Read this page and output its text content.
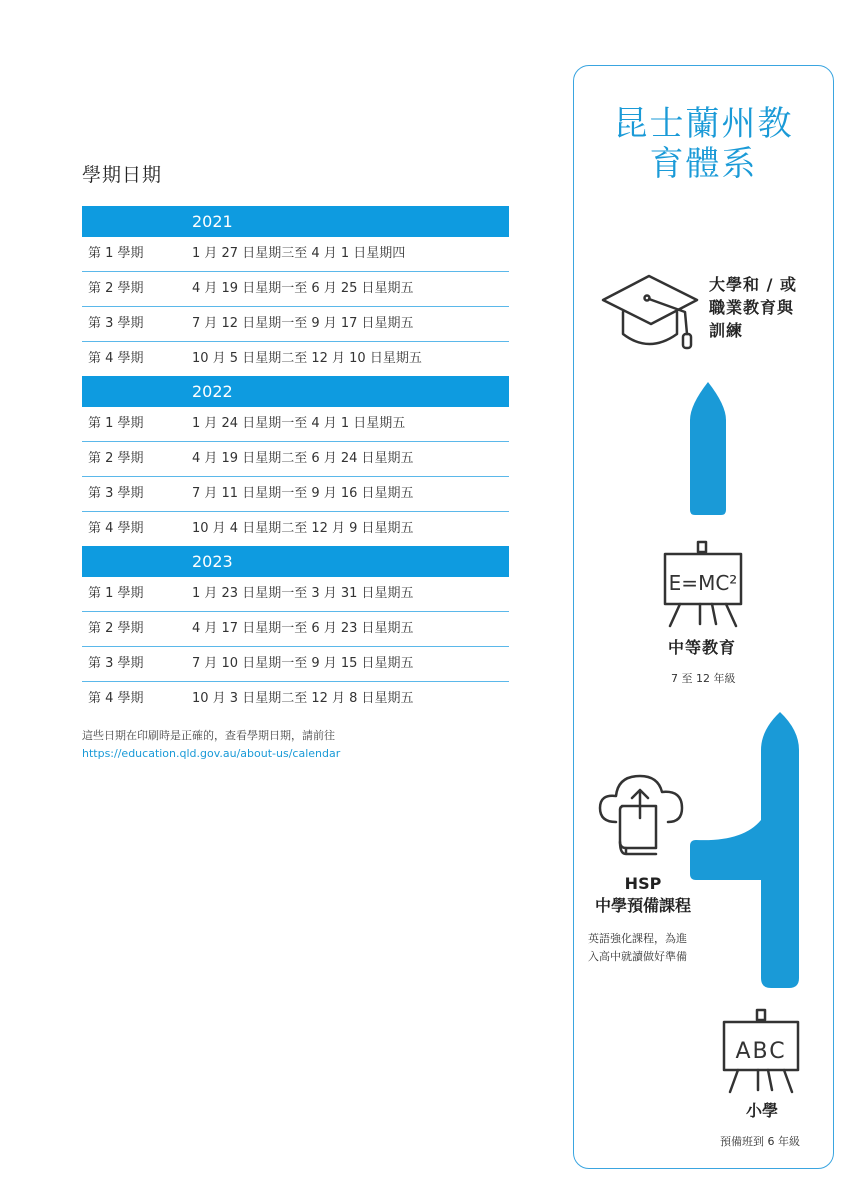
學期日期
2021
第 1 學期	1 月 27 日星期三至 4 月 1 日星期四
第 2 學期	4 月 19 日星期一至 6 月 25 日星期五
第 3 學期	7 月 12 日星期一至 9 月 17 日星期五
第 4 學期	10 月 5 日星期二至 12 月 10 日星期五
2022
第 1 學期	1 月 24 日星期一至 4 月 1 日星期五
第 2 學期	4 月 19 日星期二至 6 月 24 日星期五
第 3 學期	7 月 11 日星期一至 9 月 16 日星期五
第 4 學期	10 月 4 日星期二至 12 月 9 日星期五
2023
第 1 學期	1 月 23 日星期一至 3 月 31 日星期五
第 2 學期	4 月 17 日星期一至 6 月 23 日星期五
第 3 學期	7 月 10 日星期一至 9 月 15 日星期五
第 4 學期	10 月 3 日星期二至 12 月 8 日星期五
這些日期在印刷時是正確的，查看學期日期，請前往
https://education.qld.gov.au/about-us/calendar
昆士蘭州教
育體系
大學和 / 或
職業教育與
訓練
E=MC²
中等教育
7 至 12 年級
HSP
中學預備課程
英語強化課程，為進
入高中就讀做好準備
ABC
小學
預備班到 6 年級
